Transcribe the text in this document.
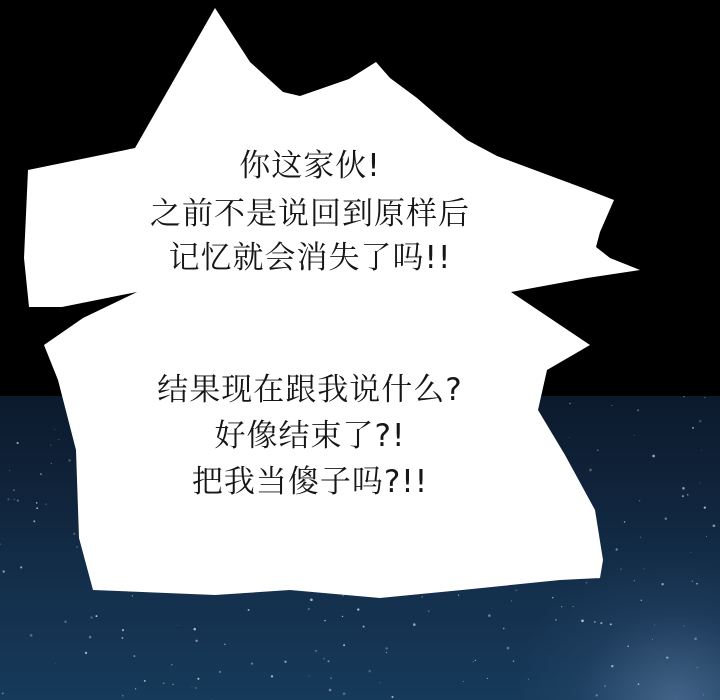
你这家伙!
之前不是说回到原样后
记忆就会消失了吗!!
结果现在跟我说什么?
好像结束了?!
把我当傻子吗?!!
